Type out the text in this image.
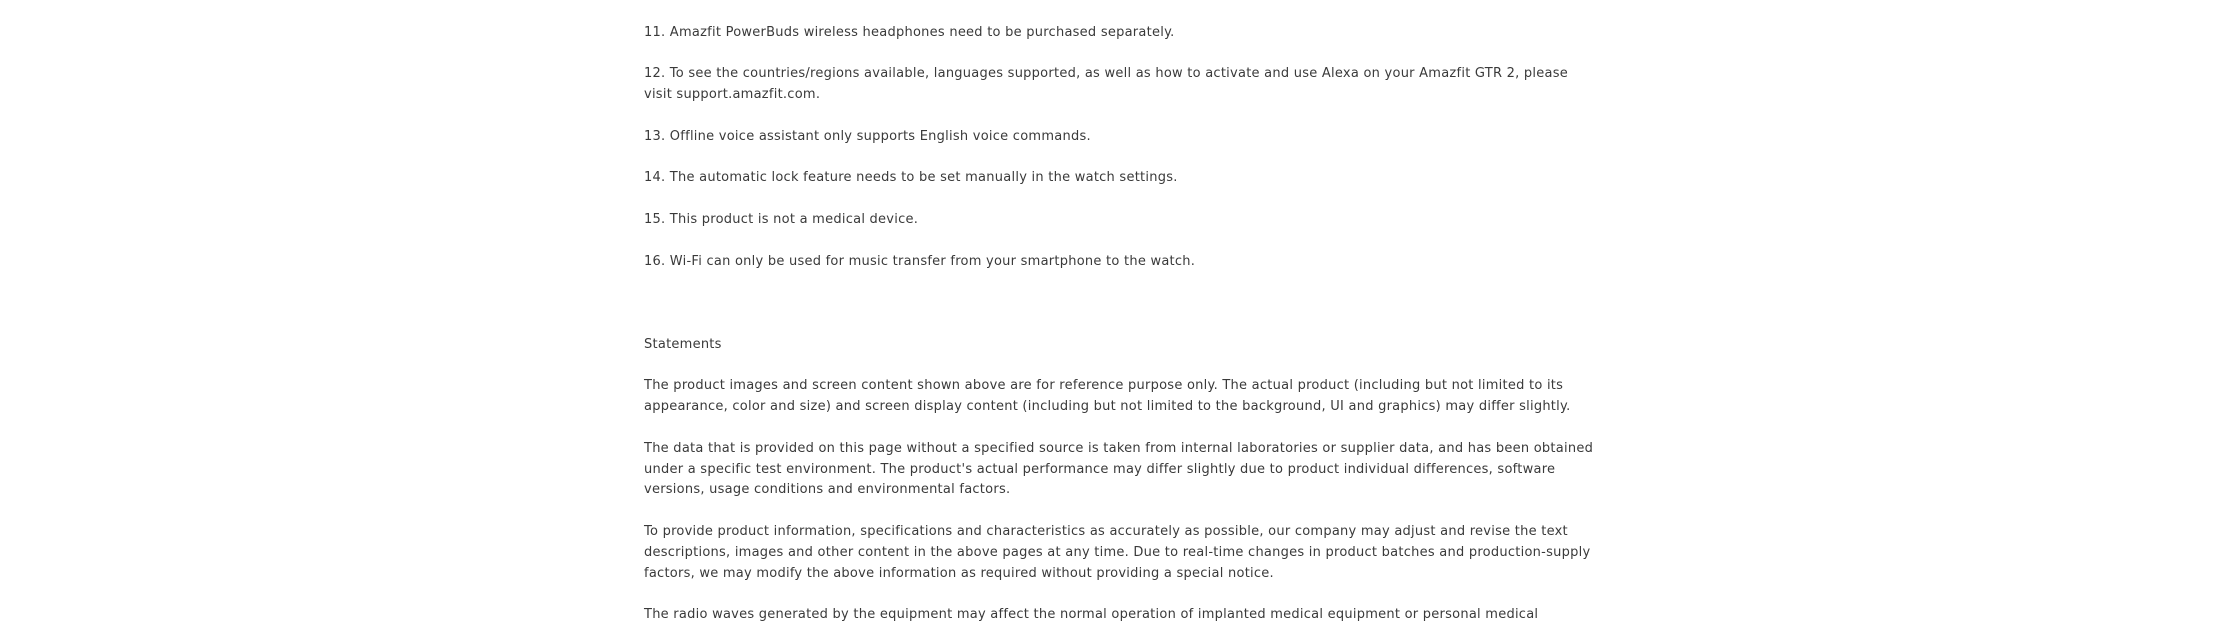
11. Amazfit PowerBuds wireless headphones need to be purchased separately.

12. To see the countries/regions available, languages supported, as well as how to activate and use Alexa on your Amazfit GTR 2, please visit support.amazfit.com.

13. Offline voice assistant only supports English voice commands.

14. The automatic lock feature needs to be set manually in the watch settings.

15. This product is not a medical device.

16. Wi-Fi can only be used for music transfer from your smartphone to the watch.

Statements

The product images and screen content shown above are for reference purpose only. The actual product (including but not limited to its appearance, color and size) and screen display content (including but not limited to the background, UI and graphics) may differ slightly.

The data that is provided on this page without a specified source is taken from internal laboratories or supplier data, and has been obtained under a specific test environment. The product's actual performance may differ slightly due to product individual differences, software versions, usage conditions and environmental factors.

To provide product information, specifications and characteristics as accurately as possible, our company may adjust and revise the text descriptions, images and other content in the above pages at any time. Due to real-time changes in product batches and production-supply factors, we may modify the above information as required without providing a special notice.

The radio waves generated by the equipment may affect the normal operation of implanted medical equipment or personal medical
